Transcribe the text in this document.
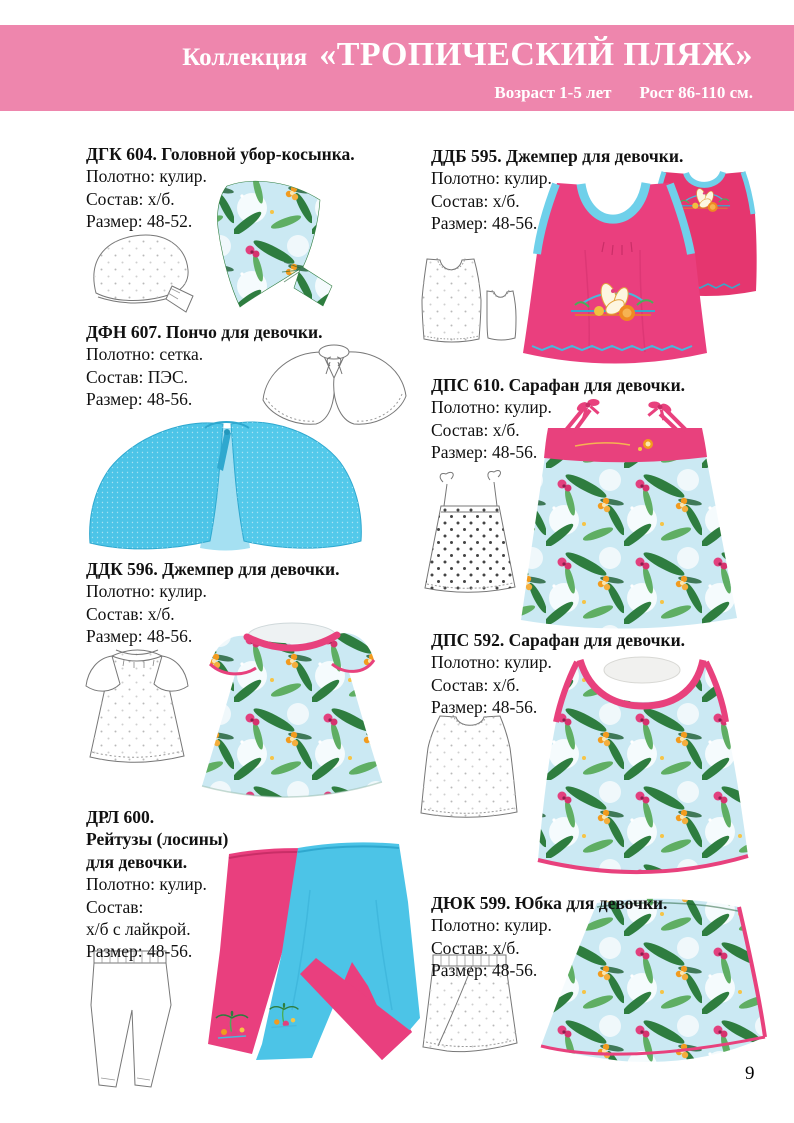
Коллекция «ТРОПИЧЕСКИЙ ПЛЯЖ»
Возраст 1-5 лет Рост 86-110 см.
ДГК 604. Головной убор-косынка.
Полотно: кулир.
Состав: х/б.
Размер: 48-52.
ДФН 607. Пончо для девочки.
Полотно: сетка.
Состав: ПЭС.
Размер: 48-56.
ДДК 596. Джемпер для девочки.
Полотно: кулир.
Состав: х/б.
Размер: 48-56.
ДРЛ 600.
Рейтузы (лосины)
для девочки.
Полотно: кулир.
Состав:
х/б с лайкрой.
Размер: 48-56.
ДДБ 595. Джемпер для девочки.
Полотно: кулир.
Состав: х/б.
Размер: 48-56.
ДПС 610. Сарафан для девочки.
Полотно: кулир.
Состав: х/б.
Размер: 48-56.
ДПС 592. Сарафан для девочки.
Полотно: кулир.
Состав: х/б.
Размер: 48-56.
ДЮК 599. Юбка для девочки.
Полотно: кулир.
Состав: х/б.
Размер: 48-56.
9
